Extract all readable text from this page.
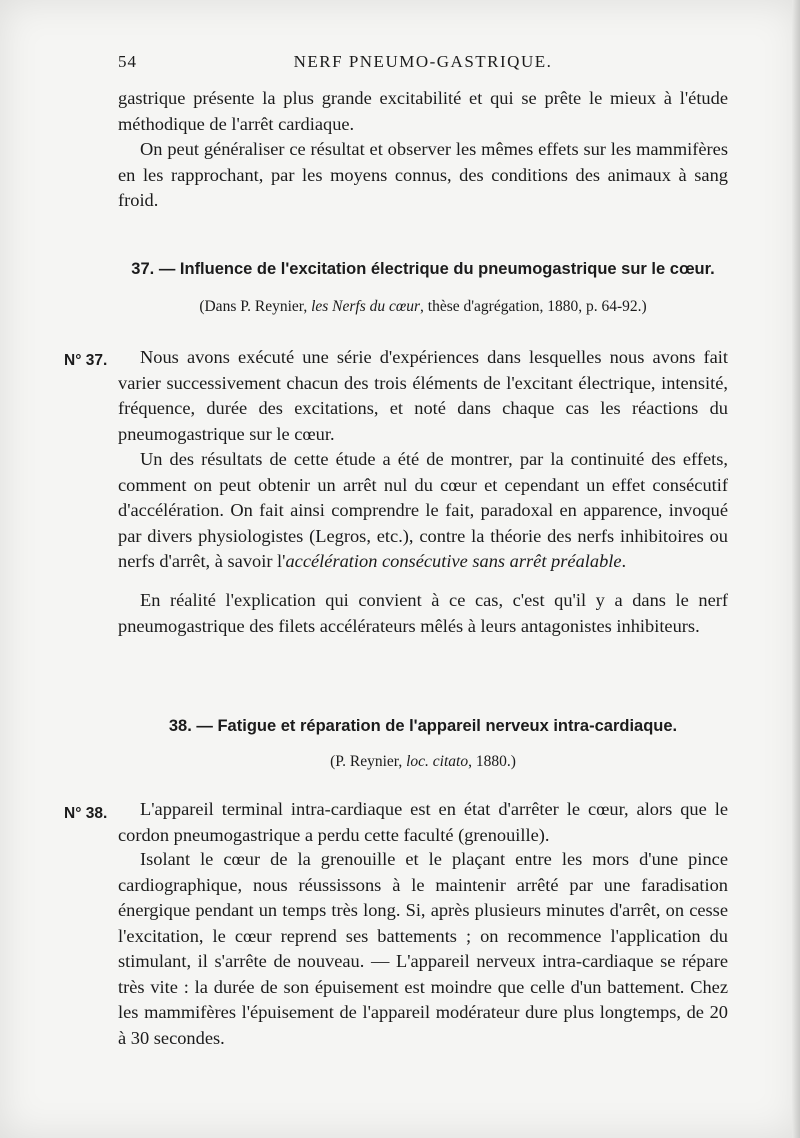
54	NERF PNEUMO-GASTRIQUE.
gastrique présente la plus grande excitabilité et qui se prête le mieux à l'étude méthodique de l'arrêt cardiaque.
On peut généraliser ce résultat et observer les mêmes effets sur les mammifères en les rapprochant, par les moyens connus, des conditions des animaux à sang froid.
37. — Influence de l'excitation électrique du pneumogastrique sur le cœur.
(Dans P. Reynier, les Nerfs du cœur, thèse d'agrégation, 1880, p. 64-92.)
N° 37.	Nous avons exécuté une série d'expériences dans lesquelles nous avons fait varier successivement chacun des trois éléments de l'excitant électrique, intensité, fréquence, durée des excitations, et noté dans chaque cas les réactions du pneumogastrique sur le cœur.
Un des résultats de cette étude a été de montrer, par la continuité des effets, comment on peut obtenir un arrêt nul du cœur et cependant un effet consécutif d'accélération. On fait ainsi comprendre le fait, paradoxal en apparence, invoqué par divers physiologistes (Legros, etc.), contre la théorie des nerfs inhibitoires ou nerfs d'arrêt, à savoir l'accélération consécutive sans arrêt préalable.
En réalité l'explication qui convient à ce cas, c'est qu'il y a dans le nerf pneumogastrique des filets accélérateurs mêlés à leurs antagonistes inhibiteurs.
38. — Fatigue et réparation de l'appareil nerveux intra-cardiaque.
(P. Reynier, loc. citato, 1880.)
N° 38.	L'appareil terminal intra-cardiaque est en état d'arrêter le cœur, alors que le cordon pneumogastrique a perdu cette faculté (grenouille).
Isolant le cœur de la grenouille et le plaçant entre les mors d'une pince cardiographique, nous réussissons à le maintenir arrêté par une faradisation énergique pendant un temps très long. Si, après plusieurs minutes d'arrêt, on cesse l'excitation, le cœur reprend ses battements ; on recommence l'application du stimulant, il s'arrête de nouveau. — L'appareil nerveux intra-cardiaque se répare très vite : la durée de son épuisement est moindre que celle d'un battement. Chez les mammifères l'épuisement de l'appareil modérateur dure plus longtemps, de 20 à 30 secondes.
